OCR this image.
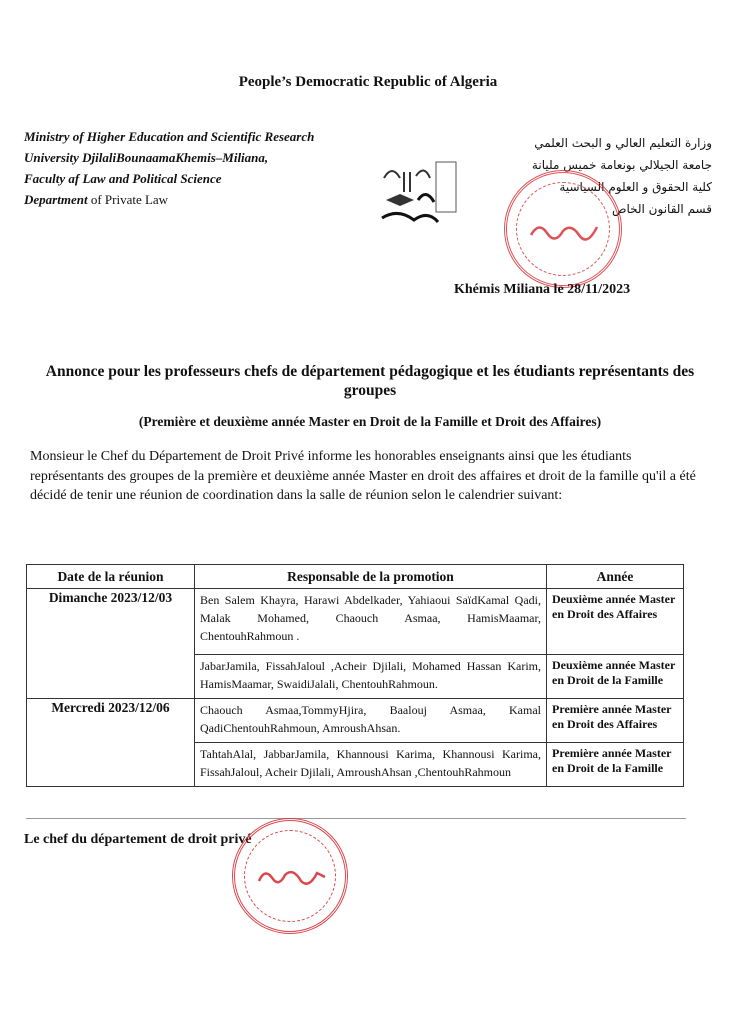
People’s Democratic Republic of Algeria
Ministry of Higher Education and Scientific Research
University DjilaliBounaamaKhemis–Miliana,
Faculty af Law and Political Science
Department of Private Law
وزارة التعليم العالي و البحث العلمي
جامعة الجيلالي بونعامة خميس مليانة
كلية الحقوق و العلوم السياسية
قسم القانون الخاص
Khémis Miliana le 28/11/2023
Annonce pour les professeurs chefs de département pédagogique et les étudiants représentants des groupes
(Première et deuxième année Master en Droit de la Famille et Droit des Affaires)
Monsieur le Chef du Département de Droit Privé informe les honorables enseignants ainsi que les étudiants représentants des groupes de la première et deuxième année Master en droit des affaires et droit de la famille qu'il a été décidé de tenir une réunion de coordination dans la salle de réunion selon le calendrier suivant:
Date de la réunion	Responsable de la promotion	Année
Dimanche 2023/12/03	Ben Salem Khayra, Harawi Abdelkader, Yahiaoui SaïdKamal Qadi, Malak Mohamed, Chaouch Asmaa, HamisMaamar, ChentouhRahmoun .	Deuxième année Master en Droit des Affaires
	JabarJamila, FissahJaloul ,Acheir Djilali, Mohamed Hassan Karim, HamisMaamar, SwaidiJalali, ChentouhRahmoun.	Deuxième année Master en Droit de la Famille
Mercredi 2023/12/06	Chaouch Asmaa,TommyHjira, Baalouj Asmaa, Kamal QadiChentouhRahmoun, AmroushAhsan.	Première année Master en Droit des Affaires
	TahtahAlal, JabbarJamila, Khannousi Karima, Khannousi Karima, FissahJaloul, Acheir Djilali, AmroushAhsan ,ChentouhRahmoun	Première année Master en Droit de la Famille
Le chef du département de droit privé
